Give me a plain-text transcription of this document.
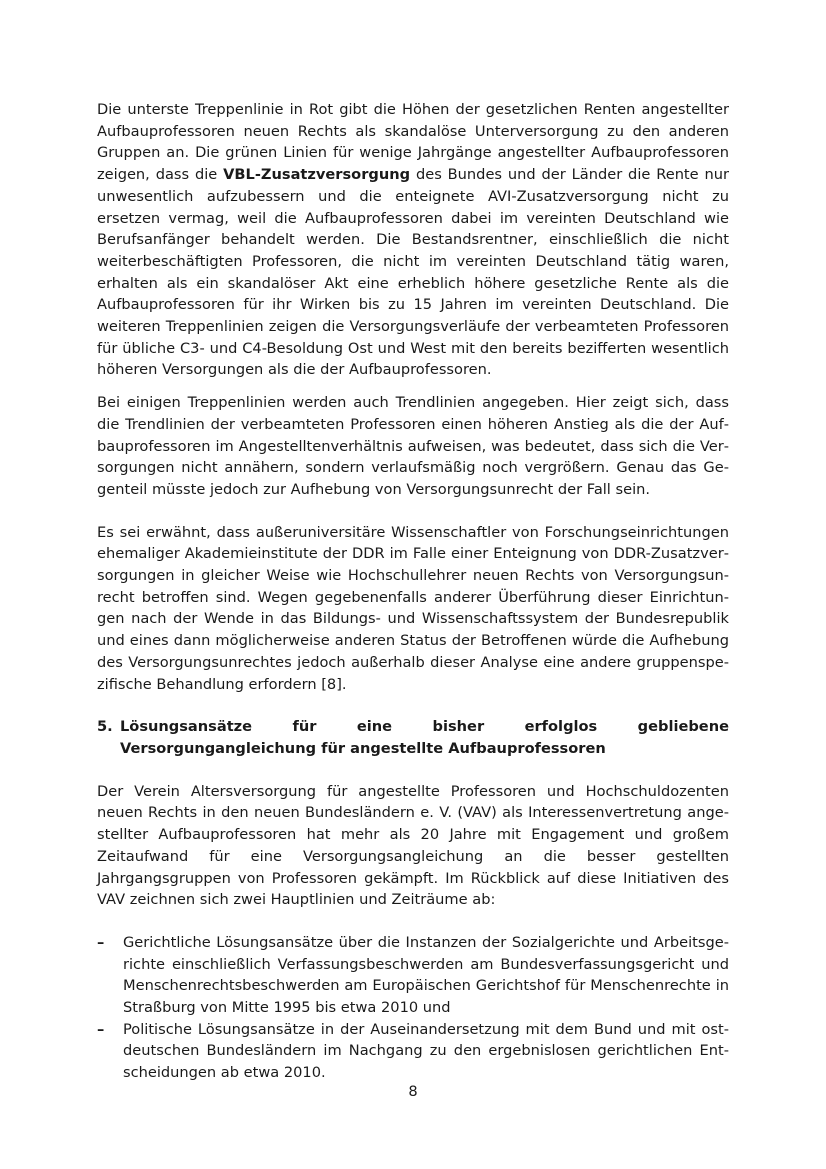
Die unterste Treppenlinie in Rot gibt die Höhen der gesetzlichen Renten angestellter Aufbauprofessoren neuen Rechts als skandalöse Unterversorgung zu den anderen Gruppen an. Die grünen Linien für wenige Jahrgänge angestellter Aufbauprofessoren zeigen, dass die VBL-Zusatzversorgung des Bundes und der Länder die Rente nur unwesentlich aufzubessern und die enteignete AVI-Zusatzversorgung nicht zu ersetzen vermag, weil die Aufbauprofessoren dabei im vereinten Deutschland wie Berufsanfänger behandelt werden. Die Bestandsrentner, einschließlich die nicht weiterbeschäftigten Professoren, die nicht im vereinten Deutschland tätig waren, erhalten als ein skandalöser Akt eine erheblich höhere gesetzliche Rente als die Aufbauprofessoren für ihr Wirken bis zu 15 Jahren im vereinten Deutschland. Die weiteren Treppenlinien zeigen die Versorgungsverläufe der verbeamteten Professoren für übliche C3- und C4-Besoldung Ost und West mit den bereits bezifferten wesentlich höheren Versorgungen als die der Aufbauprofessoren.

Bei einigen Treppenlinien werden auch Trendlinien angegeben. Hier zeigt sich, dass die Trendlinien der verbeamteten Professoren einen höheren Anstieg als die der Aufbauprofessoren im Angestelltenverhältnis aufweisen, was bedeutet, dass sich die Versorgungen nicht annähern, sondern verlaufsmäßig noch vergrößern. Genau das Gegenteil müsste jedoch zur Aufhebung von Versorgungsunrecht der Fall sein.

Es sei erwähnt, dass außeruniversitäre Wissenschaftler von Forschungseinrichtungen ehemaliger Akademieinstitute der DDR im Falle einer Enteignung von DDR-Zusatzversorgungen in gleicher Weise wie Hochschullehrer neuen Rechts von Versorgungsunrecht betroffen sind. Wegen gegebenenfalls anderer Überführung dieser Einrichtungen nach der Wende in das Bildungs- und Wissenschaftssystem der Bundesrepublik und eines dann möglicherweise anderen Status der Betroffenen würde die Aufhebung des Versorgungsunrechtes jedoch außerhalb dieser Analyse eine andere gruppenspezifische Behandlung erfordern [8].

5. Lösungsansätze für eine bisher erfolglos gebliebene Versorgungangleichung für angestellte Aufbauprofessoren

Der Verein Altersversorgung für angestellte Professoren und Hochschuldozenten neuen Rechts in den neuen Bundesländern e. V. (VAV) als Interessenvertretung angestellter Aufbauprofessoren hat mehr als 20 Jahre mit Engagement und großem Zeitaufwand für eine Versorgungsangleichung an die besser gestellten Jahrgangsgruppen von Professoren gekämpft. Im Rückblick auf diese Initiativen des VAV zeichnen sich zwei Hauptlinien und Zeiträume ab:

–	Gerichtliche Lösungsansätze über die Instanzen der Sozialgerichte und Arbeitsgerichte einschließlich Verfassungsbeschwerden am Bundesverfassungsgericht und Menschenrechtsbeschwerden am Europäischen Gerichtshof für Menschenrechte in Straßburg von Mitte 1995 bis etwa 2010 und
–	Politische Lösungsansätze in der Auseinandersetzung mit dem Bund und mit ostdeutschen Bundesländern im Nachgang zu den ergebnislosen gerichtlichen Entscheidungen ab etwa 2010.
8
